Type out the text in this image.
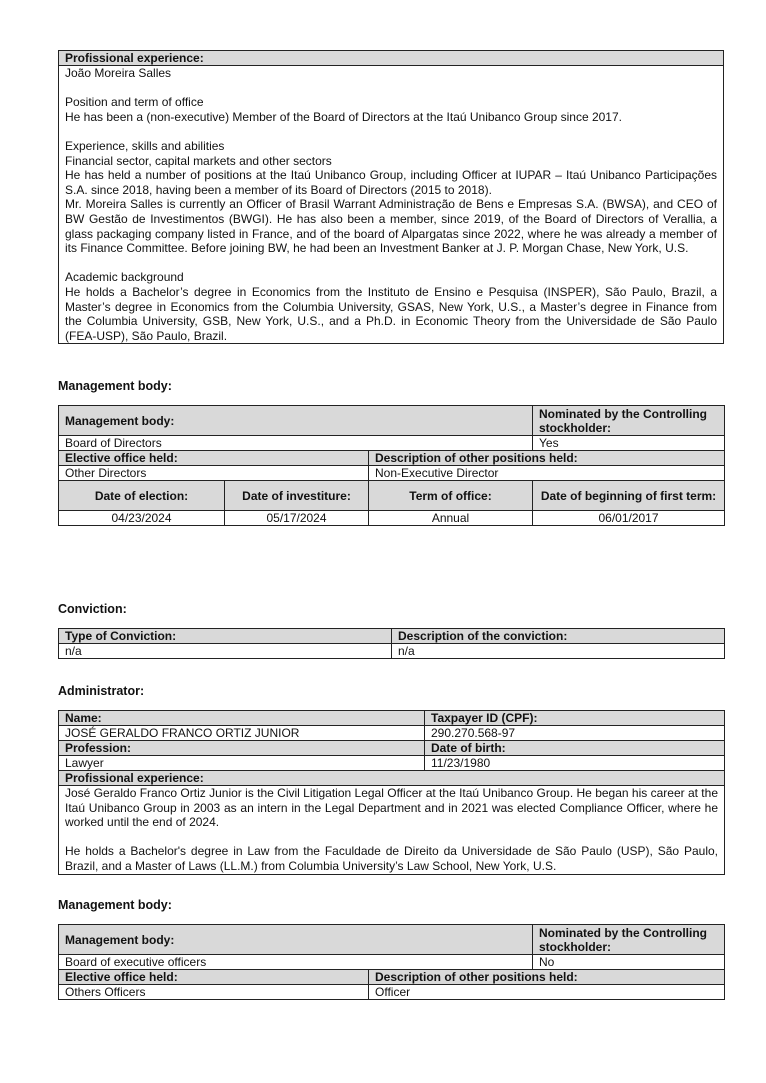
Profissional experience:

João Moreira Salles
Position and term of office
He has been a (non-executive) Member of the Board of Directors at the Itaú Unibanco Group since 2017.
Experience, skills and abilities
Financial sector, capital markets and other sectors
He has held a number of positions at the Itaú Unibanco Group, including Officer at IUPAR – Itaú Unibanco Participações S.A. since 2018, having been a member of its Board of Directors (2015 to 2018).
Mr. Moreira Salles is currently an Officer of Brasil Warrant Administração de Bens e Empresas S.A. (BWSA), and CEO of BW Gestão de Investimentos (BWGI). He has also been a member, since 2019, of the Board of Directors of Verallia, a glass packaging company listed in France, and of the board of Alpargatas since 2022, where he was already a member of its Finance Committee. Before joining BW, he had been an Investment Banker at J. P. Morgan Chase, New York, U.S.
Academic background
He holds a Bachelor’s degree in Economics from the Instituto de Ensino e Pesquisa (INSPER), São Paulo, Brazil, a Master’s degree in Economics from the Columbia University, GSAS, New York, U.S., a Master’s degree in Finance from the Columbia University, GSB, New York, U.S., and a Ph.D. in Economic Theory from the Universidade de São Paulo (FEA-USP), São Paulo, Brazil.
Management body:
Management body:			Nominated by the Controlling stockholder:
Board of Directors			Yes
Elective office held:		Description of other positions held:	
Other Directors		Non-Executive Director	
Date of election:	Date of investiture:	Term of office:	Date of beginning of first term:
04/23/2024	05/17/2024	Annual	06/01/2017
Conviction:
Type of Conviction:	Description of the conviction:
n/a	n/a
Administrator:
Name:	Taxpayer ID (CPF):
JOSÉ GERALDO FRANCO ORTIZ JUNIOR	290.270.568-97
Profession:	Date of birth:
Lawyer	11/23/1980
Profissional experience:	

José Geraldo Franco Ortiz Junior is the Civil Litigation Legal Officer at the Itaú Unibanco Group. He began his career at the Itaú Unibanco Group in 2003 as an intern in the Legal Department and in 2021 was elected Compliance Officer, where he worked until the end of 2024.
He holds a Bachelor's degree in Law from the Faculdade de Direito da Universidade de São Paulo (USP), São Paulo, Brazil, and a Master of Laws (LL.M.) from Columbia University’s Law School, New York, U.S.	
Management body:
Management body:		Nominated by the Controlling stockholder:
Board of executive officers		No
Elective office held:	Description of other positions held:	
Others Officers	Officer	
